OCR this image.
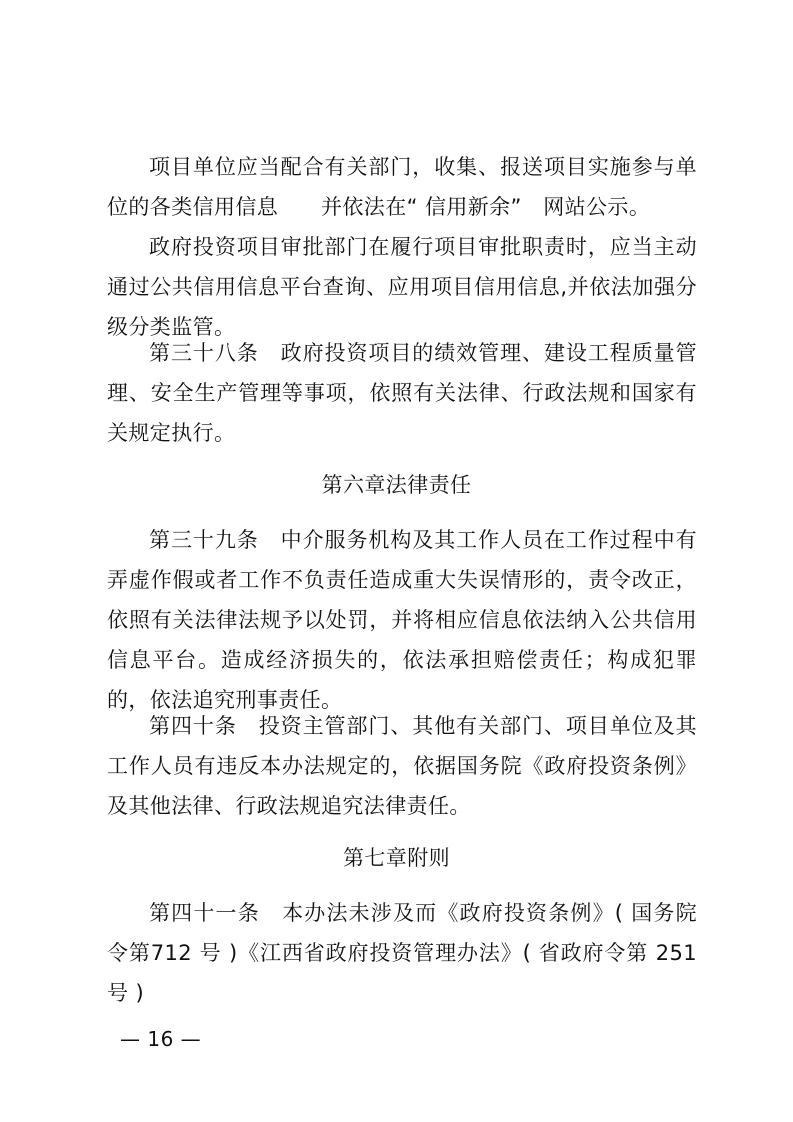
项目单位应当配合有关部门，收集、报送项目实施参与单位的各类信用信息　　并依法在“ 信用新余”　网站公示。

政府投资项目审批部门在履行项目审批职责时，应当主动通过公共信用信息平台查询、应用项目信用信息,并依法加强分级分类监管。

第三十八条　政府投资项目的绩效管理、建设工程质量管理、安全生产管理等事项，依照有关法律、行政法规和国家有关规定执行。

第六章法律责任

第三十九条　中介服务机构及其工作人员在工作过程中有弄虚作假或者工作不负责任造成重大失误情形的，责令改正，依照有关法律法规予以处罚，并将相应信息依法纳入公共信用信息平台。造成经济损失的，依法承担赔偿责任；构成犯罪的，依法追究刑事责任。

第四十条　投资主管部门、其他有关部门、项目单位及其工作人员有违反本办法规定的，依据国务院《政府投资条例》及其他法律、行政法规追究法律责任。

第七章附则

第四十一条　本办法未涉及而《政府投资条例》( 国务院令第712 号 )《江西省政府投资管理办法》( 省政府令第 251 号 )

— 16 —
